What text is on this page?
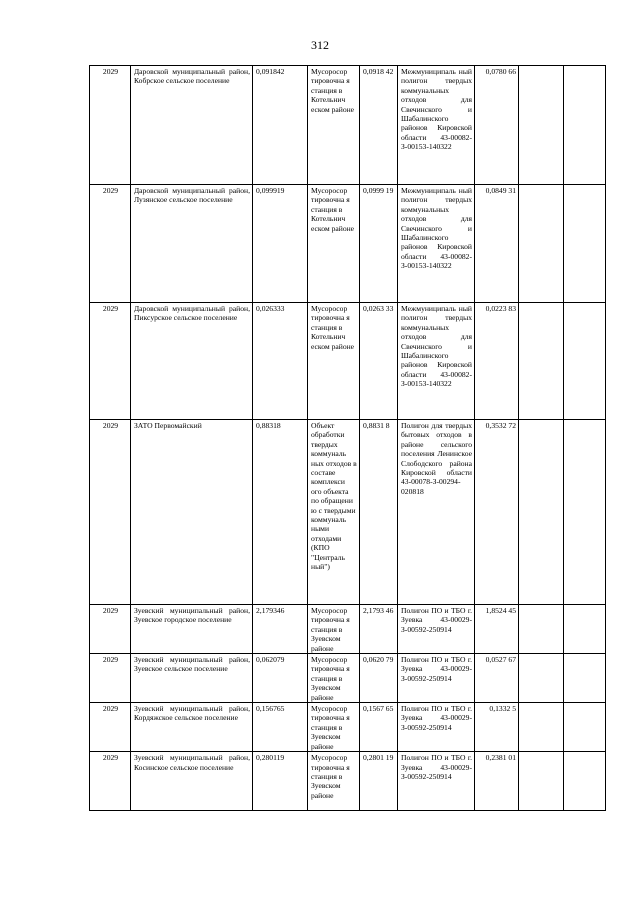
312
2029	Даровской муниципальный район, Кобрское сельское поселение	0,091842	Мусоросор тировочна я станция в Котельнич еском районе	0,0918 42	Межмуниципаль ный полигон твердых коммунальных отходов для Свечинского и Шабалинского районов Кировской области 43-00082-З-00153-140322	0,0780 66		
2029	Даровской муниципальный район, Лузянское сельское поселение	0,099919	Мусоросор тировочна я станция в Котельнич еском районе	0,0999 19	Межмуниципаль ный полигон твердых коммунальных отходов для Свечинского и Шабалинского районов Кировской области 43-00082-З-00153-140322	0,0849 31		
2029	Даровской муниципальный район, Пиксурское сельское поселение	0,026333	Мусоросор тировочна я станция в Котельнич еском районе	0,0263 33	Межмуниципаль ный полигон твердых коммунальных отходов для Свечинского и Шабалинского районов Кировской области 43-00082-З-00153-140322	0,0223 83		
2029	ЗАТО Первомайский	0,88318	Объект обработки твердых коммуналь ных отходов в составе комплекси ого объекта по обращени ю с твердыми коммуналь ными отходами (КПО "Централь ный")	0,8831 8	Полигон для твердых бытовых отходов в районе сельского поселения Ленинское Слободского района Кировской области 43-00078-З-00294-020818	0,3532 72		
2029	Зуевский муниципальный район, Зуевское городское поселение	2,179346	Мусоросор тировочна я станция в Зуевском районе	2,1793 46	Полигон ПО и ТБО г. Зуевка 43-00029-З-00592-250914	1,8524 45		
2029	Зуевский муниципальный район, Зуевское сельское поселение	0,062079	Мусоросор тировочна я станция в Зуевском районе	0,0620 79	Полигон ПО и ТБО г. Зуевка 43-00029-З-00592-250914	0,0527 67		
2029	Зуевский муниципальный район, Кордяжское сельское поселение	0,156765	Мусоросор тировочна я станция в Зуевском районе	0,1567 65	Полигон ПО и ТБО г. Зуевка 43-00029-З-00592-250914	0,1332 5		
2029	Зуевский муниципальный район, Косинское сельское поселение	0,280119	Мусоросор тировочна я станция в Зуевском районе	0,2801 19	Полигон ПО и ТБО г. Зуевка 43-00029-З-00592-250914	0,2381 01		
